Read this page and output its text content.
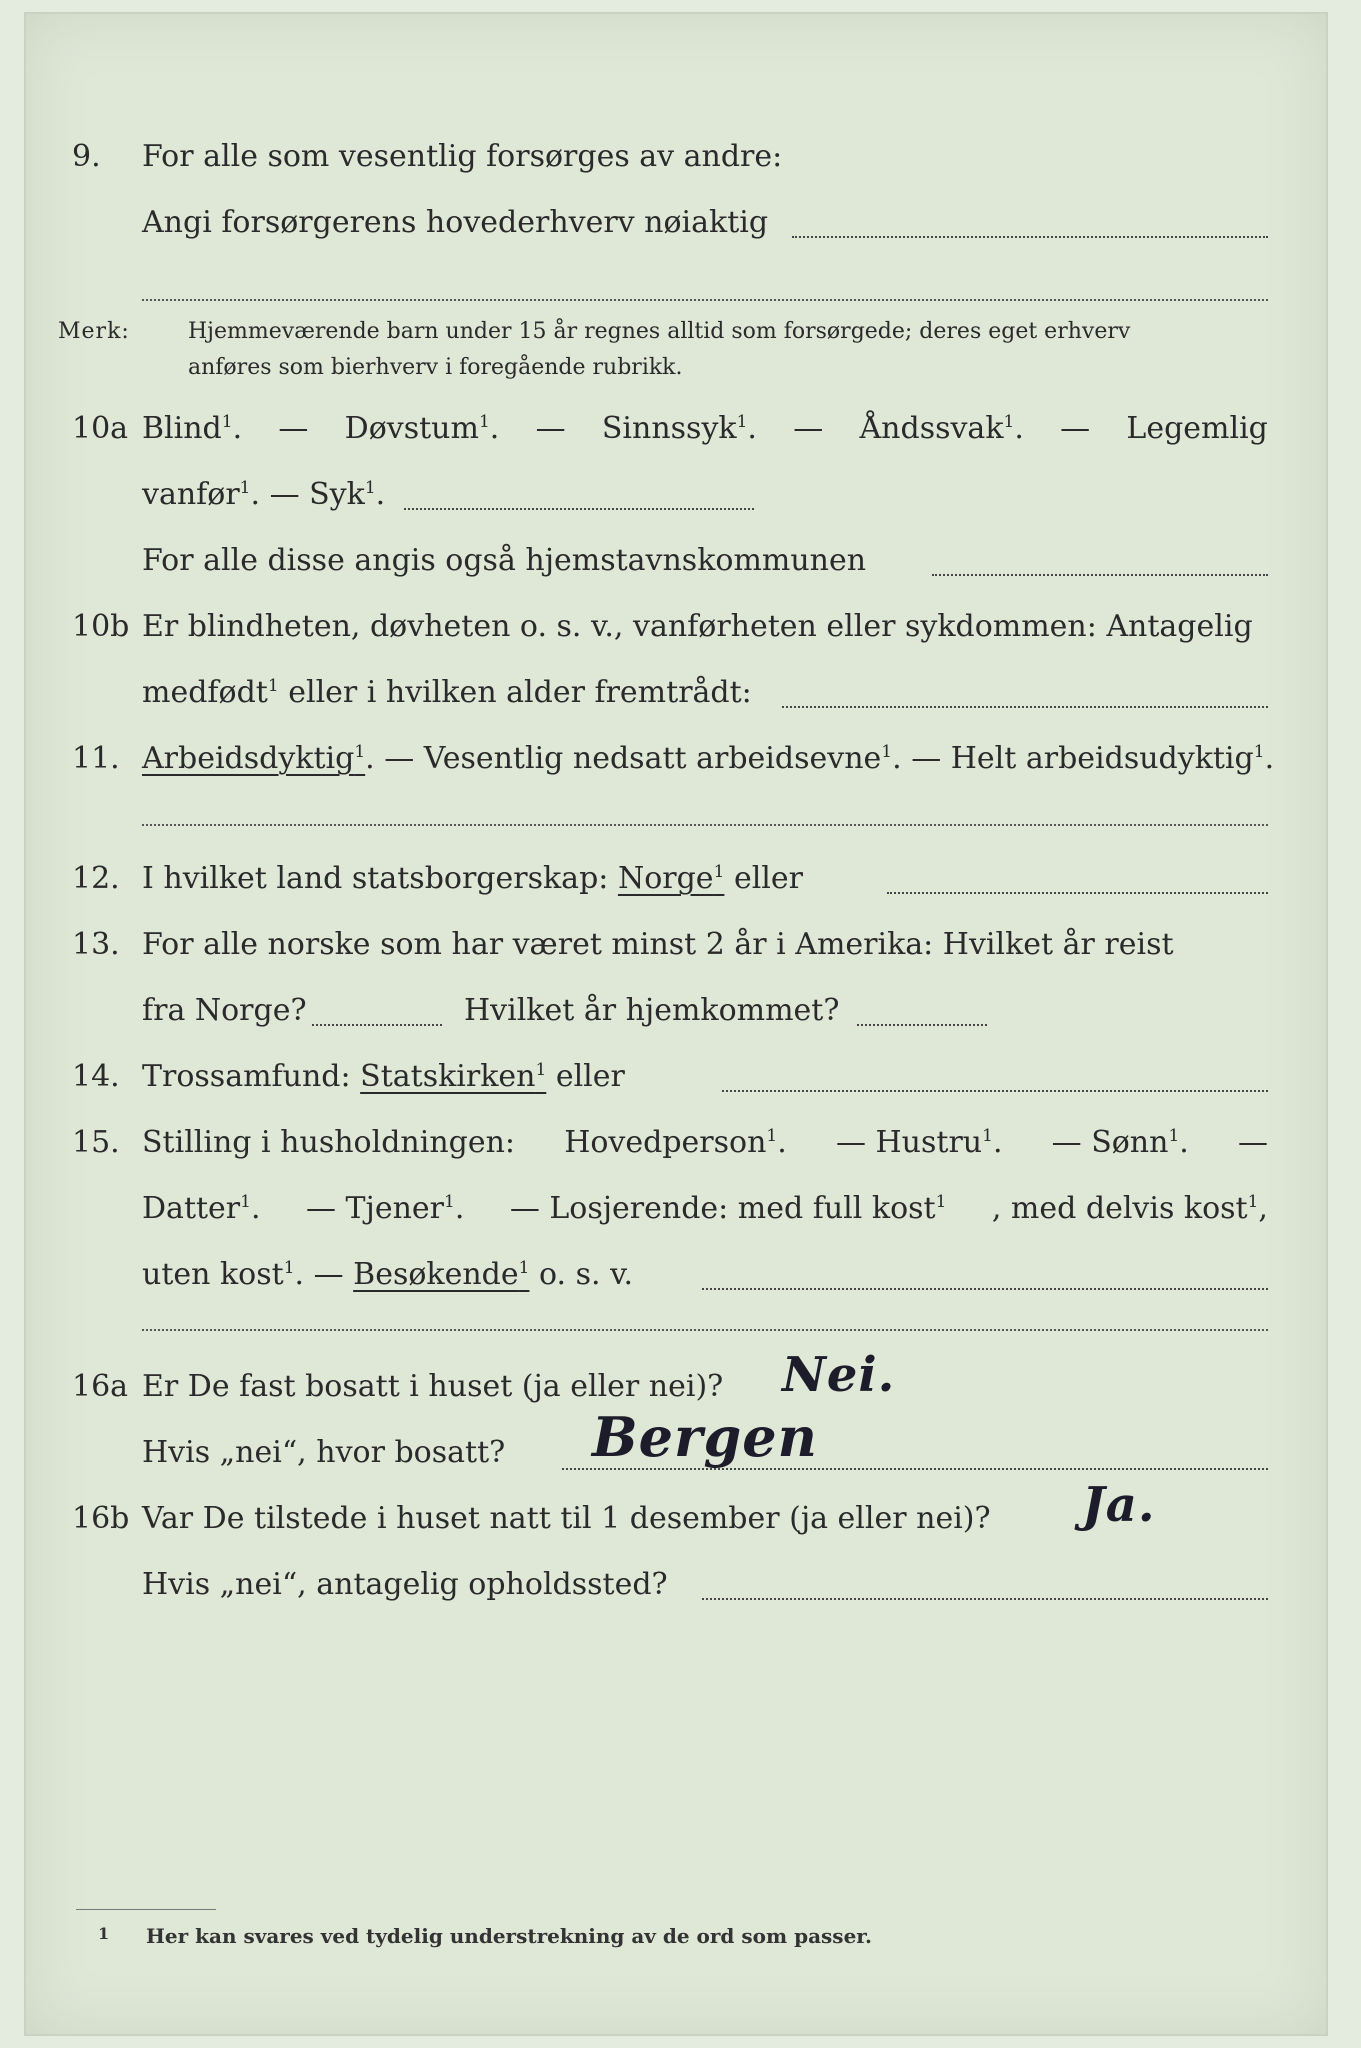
9. For alle som vesentlig forsørges av andre:
Angi forsørgerens hovederhverv nøiaktig
Merk:	Hjemmeværende barn under 15 år regnes alltid som forsørgede; deres eget erhverv
anføres som bierhverv i foregående rubrikk.
10a Blind$^1$. — Døvstum$^1$. — Sinnssyk$^1$. — Åndssvak$^1$. — Legemlig
vanfør$^1$. — Syk$^1$.
For alle disse angis også hjemstavnskommunen
10b Er blindheten, døvheten o. s. v., vanførheten eller sykdommen: Antagelig
medfødt$^1$ eller i hvilken alder fremtrådt:
11. Arbeidsdyktig$^1$. — Vesentlig nedsatt arbeidsevne$^1$. — Helt arbeidsudyktig$^1$.
12. I hvilket land statsborgerskap: Norge$^1$ eller
13. For alle norske som har været minst 2 år i Amerika: Hvilket år reist
fra Norge?	Hvilket år hjemkommet?
14. Trossamfund: Statskirken$^1$ eller
15. Stilling i husholdningen: Hovedperson$^1$. — Hustru$^1$. — Sønn$^1$. —
Datter$^1$. — Tjener$^1$. — Losjerende: med full kost$^1$ , med delvis kost$^1$,
uten kost$^1$. — Besøkende$^1$ o. s. v.
16a Er De fast bosatt i huset (ja eller nei)? Nei.
Hvis „nei“, hvor bosatt? Bergen
16b Var De tilstede i huset natt til 1 desember (ja eller nei)? Ja.
Hvis „nei“, antagelig opholdssted?
1 Her kan svares ved tydelig understrekning av de ord som passer.
